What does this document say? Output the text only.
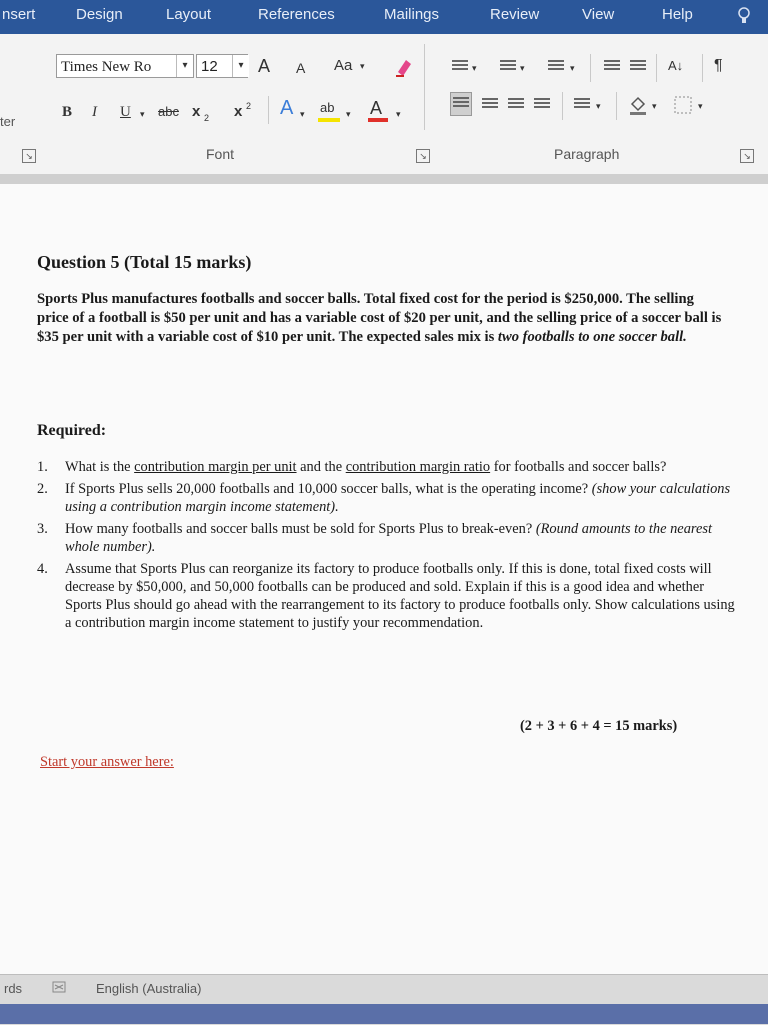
nsert	Design	Layout	References	Mailings	Review	View	Help
ter
Times New Ro	▾ 12	▾ A A Aa ▾
B I U ▾ abc x 2 x 2 A ▾ ab ▾ A ▾
Font
↘	↘
▾	▾	▾	A↓ ¶
▾	▾	▾
Paragraph	↘
Question 5 (Total 15 marks)
Sports Plus manufactures footballs and soccer balls. Total fixed cost for the period is $250,000. The selling price of a football is $50 per unit and has a variable cost of $20 per unit, and the selling price of a soccer ball is $35 per unit with a variable cost of $10 per unit. The expected sales mix is two footballs to one soccer ball.
Required:
1. What is the contribution margin per unit and the contribution margin ratio for footballs and soccer balls?
2. If Sports Plus sells 20,000 footballs and 10,000 soccer balls, what is the operating income? (show your calculations using a contribution margin income statement).
3. How many footballs and soccer balls must be sold for Sports Plus to break-even? (Round amounts to the nearest whole number).
4. Assume that Sports Plus can reorganize its factory to produce footballs only. If this is done, total fixed costs will decrease by $50,000, and 50,000 footballs can be produced and sold. Explain if this is a good idea and whether Sports Plus should go ahead with the rearrangement to its factory to produce footballs only. Show calculations using a contribution margin income statement to justify your recommendation.
(2 + 3 + 6 + 4 = 15 marks)
Start your answer here:
rds	English (Australia)
